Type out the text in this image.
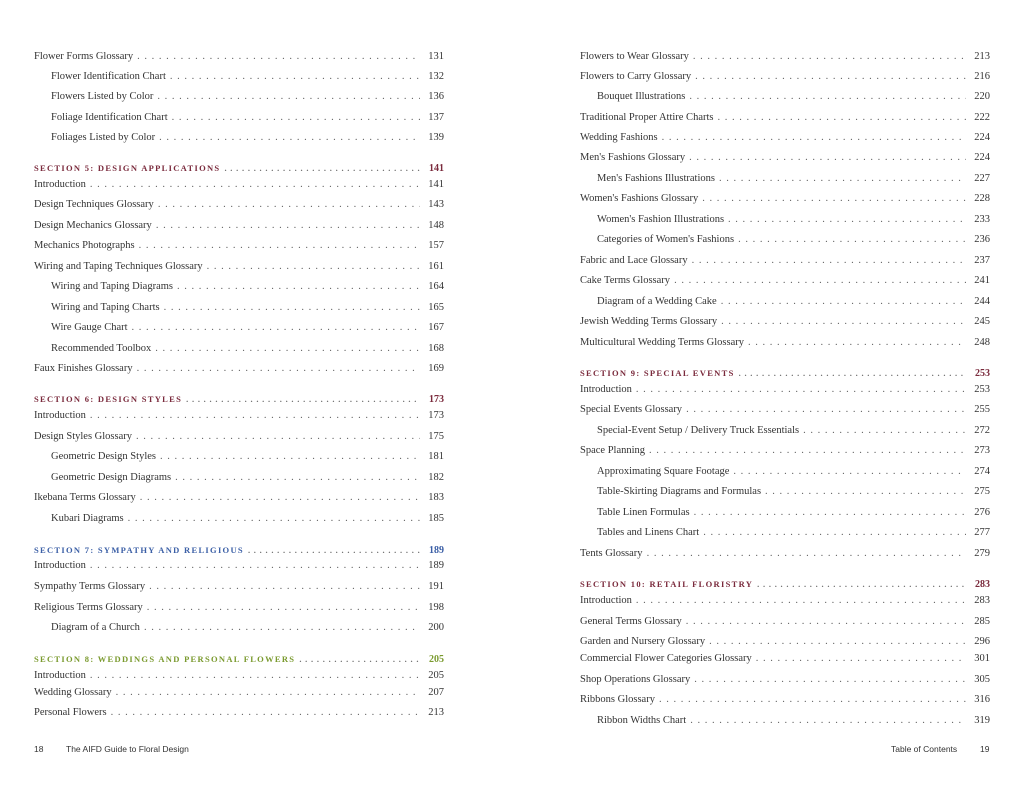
Flower Forms Glossary . . .	131
Flower Identification Chart . . .	132
Flowers Listed by Color . . .	136
Foliage Identification Chart . . .	137
Foliages Listed by Color . . .	139
SECTION 5: DESIGN APPLICATIONS . . .	141
Introduction . . .	141
Design Techniques Glossary . . .	143
Design Mechanics Glossary . . .	148
Mechanics Photographs . . .	157
Wiring and Taping Techniques Glossary . . .	161
Wiring and Taping Diagrams . . .	164
Wiring and Taping Charts . . .	165
Wire Gauge Chart . . .	167
Recommended Toolbox . . .	168
Faux Finishes Glossary . . .	169
SECTION 6: DESIGN STYLES . . .	173
Introduction . . .	173
Design Styles Glossary . . .	175
Geometric Design Styles . . .	181
Geometric Design Diagrams . . .	182
Ikebana Terms Glossary . . .	183
Kubari Diagrams . . .	185
SECTION 7: SYMPATHY AND RELIGIOUS . . .	189
Introduction . . .	189
Sympathy Terms Glossary . . .	191
Religious Terms Glossary . . .	198
Diagram of a Church . . .	200
SECTION 8: WEDDINGS AND PERSONAL FLOWERS . . .	205
Introduction . . .	205
Wedding Glossary . . .	207
Personal Flowers . . .	213
Flowers to Wear Glossary . . .	213
Flowers to Carry Glossary . . .	216
Bouquet Illustrations . . .	220
Traditional Proper Attire Charts . . .	222
Wedding Fashions . . .	224
Men's Fashions Glossary . . .	224
Men's Fashions Illustrations . . .	227
Women's Fashions Glossary . . .	228
Women's Fashion Illustrations . . .	233
Categories of Women's Fashions . . .	236
Fabric and Lace Glossary . . .	237
Cake Terms Glossary . . .	241
Diagram of a Wedding Cake . . .	244
Jewish Wedding Terms Glossary . . .	245
Multicultural Wedding Terms Glossary . . .	248
SECTION 9: SPECIAL EVENTS . . .	253
Introduction . . .	253
Special Events Glossary . . .	255
Special-Event Setup / Delivery Truck Essentials . . .	272
Space Planning . . .	273
Approximating Square Footage . . .	274
Table-Skirting Diagrams and Formulas . . .	275
Table Linen Formulas . . .	276
Tables and Linens Chart . . .	277
Tents Glossary . . .	279
SECTION 10: RETAIL FLORISTRY . . .	283
Introduction . . .	283
General Terms Glossary . . .	285
Garden and Nursery Glossary . . .	296
Commercial Flower Categories Glossary . . .	301
Shop Operations Glossary . . .	305
Ribbons Glossary . . .	316
Ribbon Widths Chart . . .	319
18	The AIFD Guide to Floral Design	Table of Contents	19
